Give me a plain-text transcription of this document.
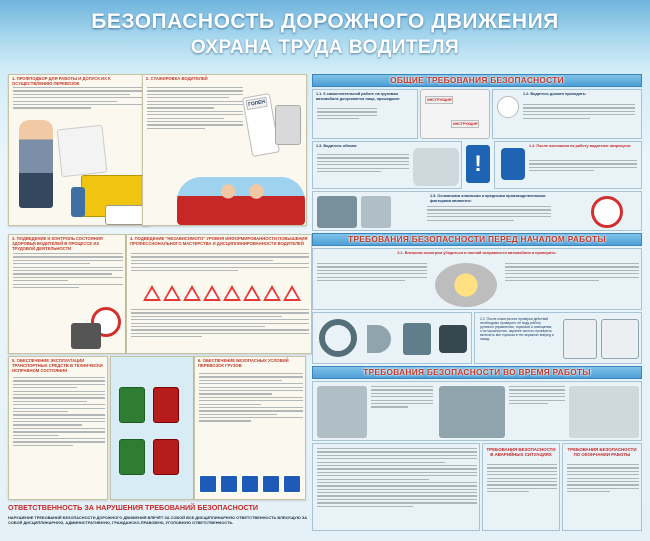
БЕЗОПАСНОСТЬ ДОРОЖНОГО ДВИЖЕНИЯ
ОХРАНА ТРУДА ВОДИТЕЛЯ
1. ПРОФПОДБОР ДЛЯ РАБОТЫ И ДОПУСК ИХ К ОСУЩЕСТВЛЕНИЮ ПЕРЕВОЗОК
2. СТАЖИРОВКА ВОДИТЕЛЕЙ
ГОЛЕН
3. ПОДВЕДЕНИЕ И КОНТРОЛЬ СОСТОЯНИЯ ЗДОРОВЬЯ ВОДИТЕЛЕЙ В ПРОЦЕССЕ ИХ ТРУДОВОЙ ДЕЯТЕЛЬНОСТИ
4. ПОДВЕДЕНИЕ "НЕЗАВИСИМОГО" УРОВНЯ ИНФОРМИРОВАННОСТИ ПОВЫШЕНИЯ ПРОФЕССИОНАЛЬНОГО МАСТЕРСТВА И ДИСЦИПЛИНИРОВАННОСТИ ВОДИТЕЛЕЙ
5. ОБЕСПЕЧЕНИЕ ЭКСПЛУАТАЦИИ ТРАНСПОРТНЫХ СРЕДСТВ В ТЕХНИЧЕСКИ ИСПРАВНОМ СОСТОЯНИИ
6. ОБЕСПЕЧЕНИЕ БЕЗОПАСНЫХ УСЛОВИЙ ПЕРЕВОЗОК ГРУЗОВ
ОТВЕТСТВЕННОСТЬ ЗА НАРУШЕНИЯ ТРЕБОВАНИЙ БЕЗОПАСНОСТИ
НАРУШЕНИЕ ТРЕБОВАНИЙ БЕЗОПАСНОСТИ ДОРОЖНОГО ДВИЖЕНИЯ ВЛЕЧЁТ ЗА СОБОЙ ВСЕ ДИСЦИПЛИНАРНУЮ ОТВЕТСТВЕННОСТЬ ВЛЕКУЩУЮ ЗА СОБОЙ ДИСЦИПЛИНАРНУЮ, АДМИНИСТРАТИВНУЮ, ГРАЖДАНСКО-ПРАВОВУЮ, УГОЛОВНУЮ ОТВЕТСТВЕННОСТЬ.
ОБЩИЕ ТРЕБОВАНИЯ БЕЗОПАСНОСТИ
1.1. К самостоятельной работе на грузовом автомобиле допускаются лица, прошедшие:	ИНСТРУКЦИЯ
ИНСТРУКЦИЯ
1.2. Водитель должен проходить:
1.3. Водитель обязан:
!
1.4. После окончания на работу водителю запрещено:
1.5. Основными опасными и вредными производственными факторами являются:
ТРЕБОВАНИЯ БЕЗОПАСНОСТИ ПЕРЕД НАЧАЛОМ РАБОТЫ
2.1. Внешним осмотром убедиться в полной исправности автомобиля и проверить:
2.2. После осмотра или проверки действий необходимо проверить не воду работу рулевого управления, тормозов и освещения, с осторожностью, заранее чистого проверить включить все тормоза в тех зеркалах вперед и назад.
ТРЕБОВАНИЯ БЕЗОПАСНОСТИ ВО ВРЕМЯ РАБОТЫ
ТРЕБОВАНИЯ БЕЗОПАСНОСТИ В АВАРИЙНЫХ СИТУАЦИЯХ
ТРЕБОВАНИЯ БЕЗОПАСНОСТИ ПО ОКОНЧАНИИ РАБОТЫ
